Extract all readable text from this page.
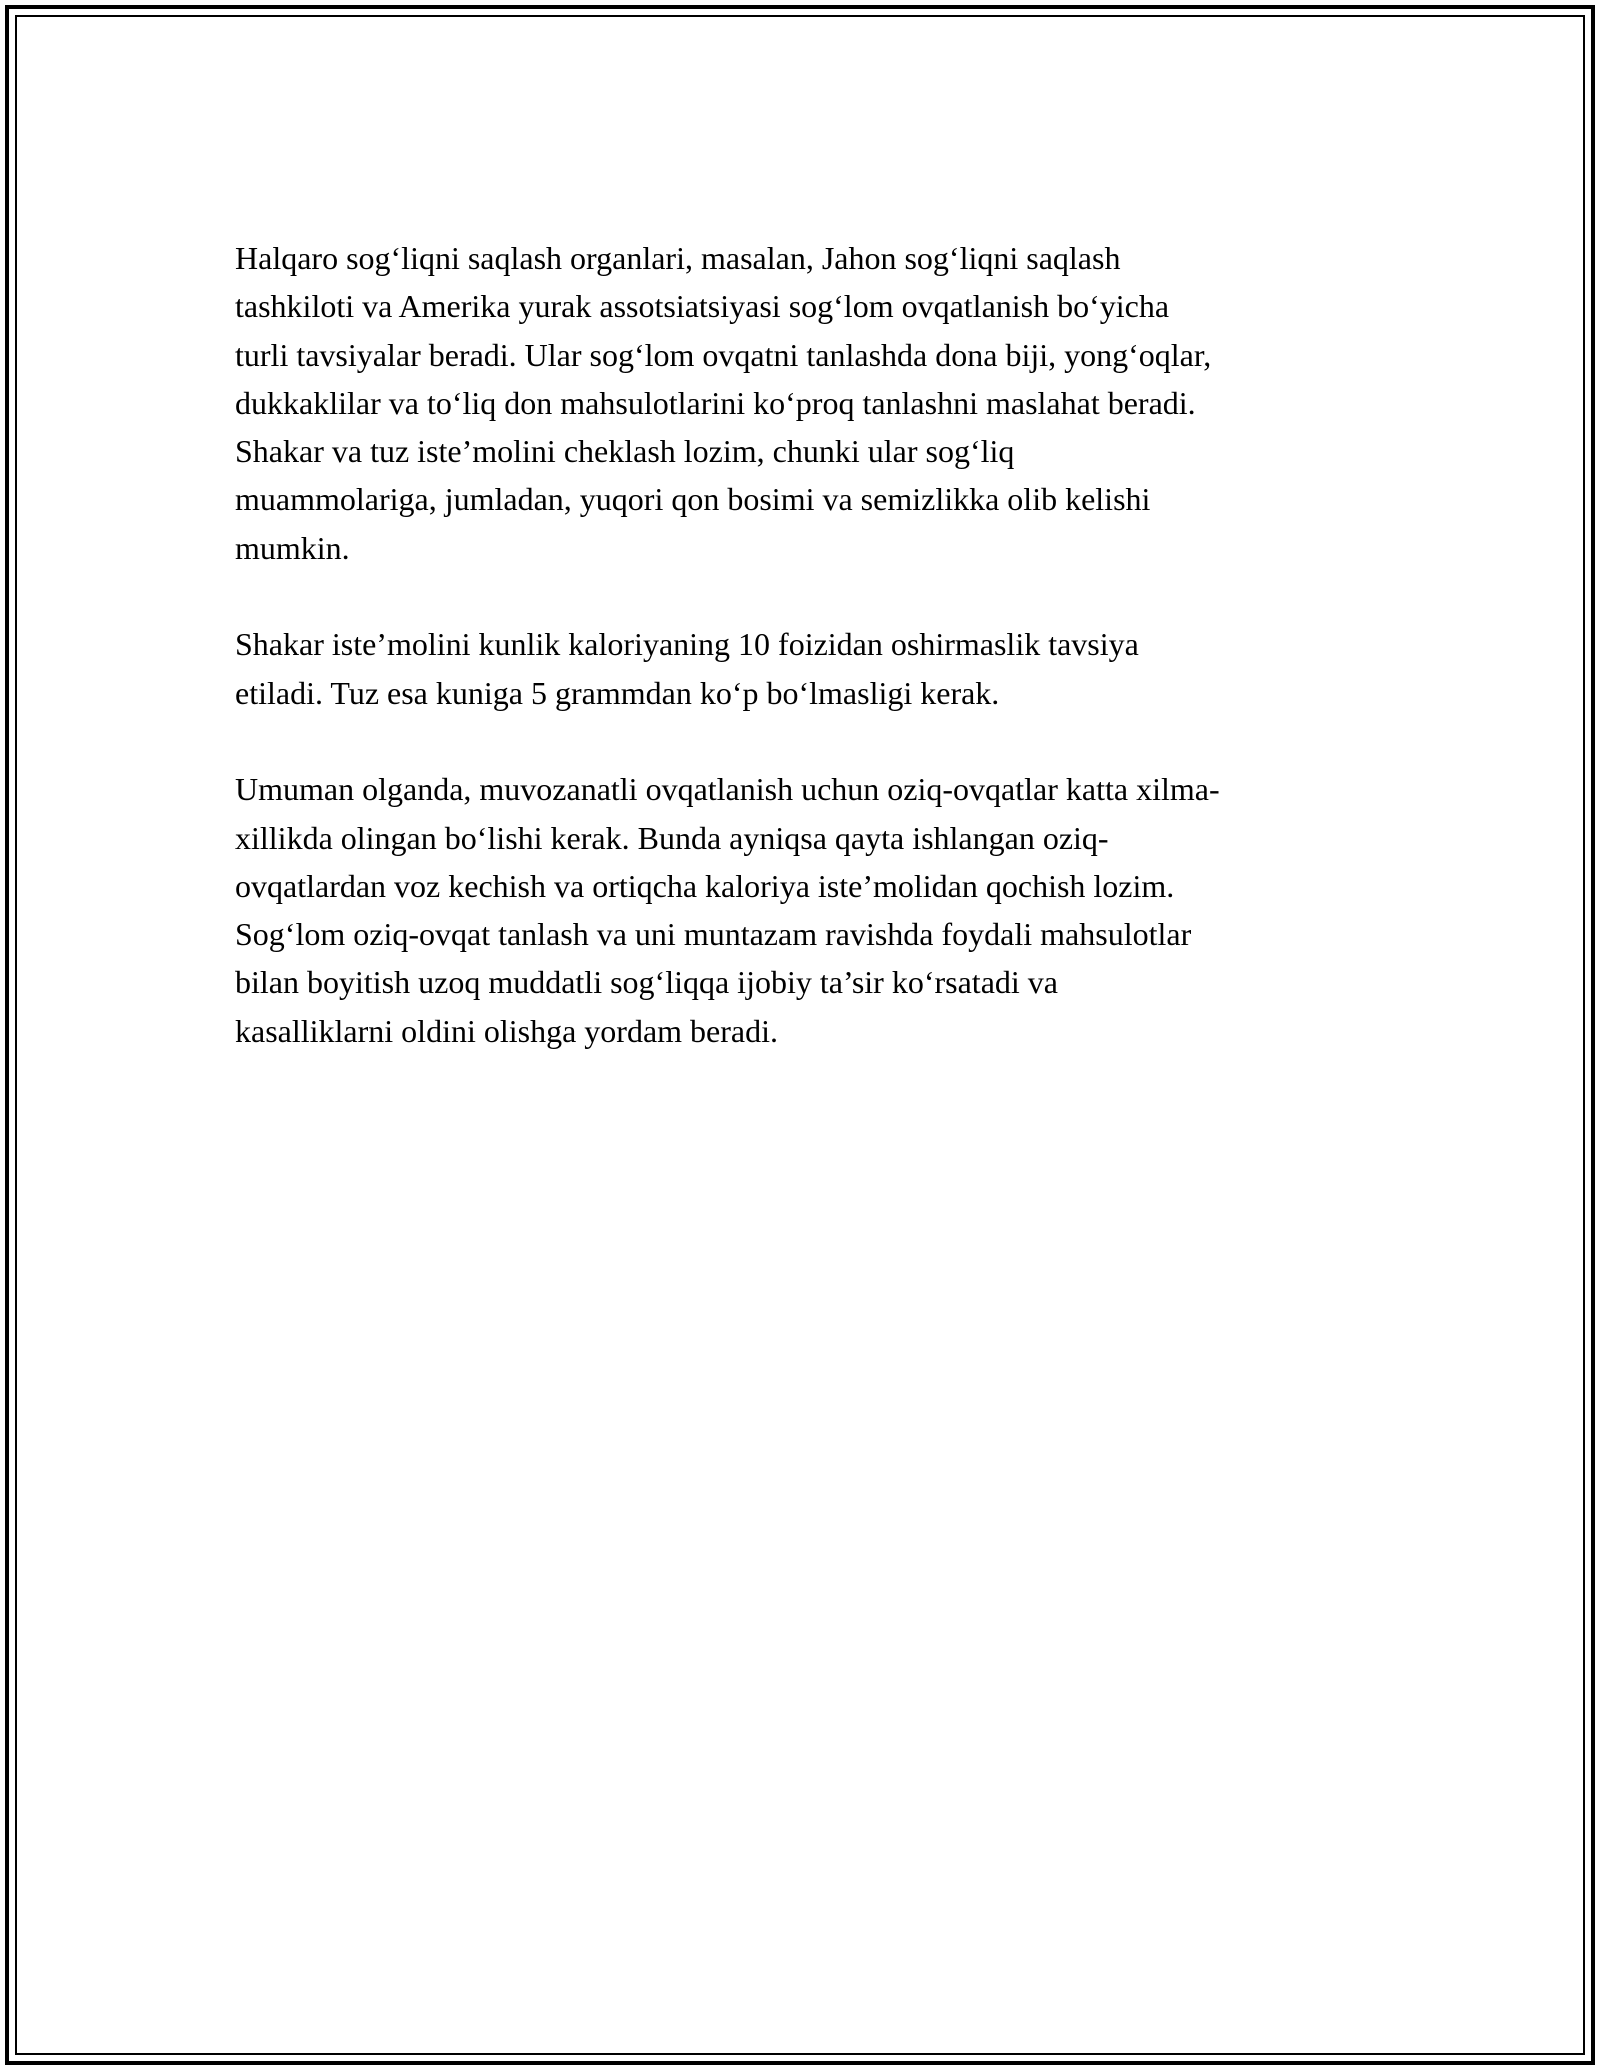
Halqaro sog‘liqni saqlash organlari, masalan, Jahon sog‘liqni saqlash
tashkiloti va Amerika yurak assotsiatsiyasi sog‘lom ovqatlanish bo‘yicha
turli tavsiyalar beradi. Ular sog‘lom ovqatni tanlashda dona biji, yong‘oqlar,
dukkaklilar va to‘liq don mahsulotlarini ko‘proq tanlashni maslahat beradi.
Shakar va tuz iste’molini cheklash lozim, chunki ular sog‘liq
muammolariga, jumladan, yuqori qon bosimi va semizlikka olib kelishi
mumkin.

Shakar iste’molini kunlik kaloriyaning 10 foizidan oshirmaslik tavsiya
etiladi. Tuz esa kuniga 5 grammdan ko‘p bo‘lmasligi kerak.

Umuman olganda, muvozanatli ovqatlanish uchun oziq-ovqatlar katta xilma-
xillikda olingan bo‘lishi kerak. Bunda ayniqsa qayta ishlangan oziq-
ovqatlardan voz kechish va ortiqcha kaloriya iste’molidan qochish lozim.
Sog‘lom oziq-ovqat tanlash va uni muntazam ravishda foydali mahsulotlar
bilan boyitish uzoq muddatli sog‘liqqa ijobiy ta’sir ko‘rsatadi va
kasalliklarni oldini olishga yordam beradi.
